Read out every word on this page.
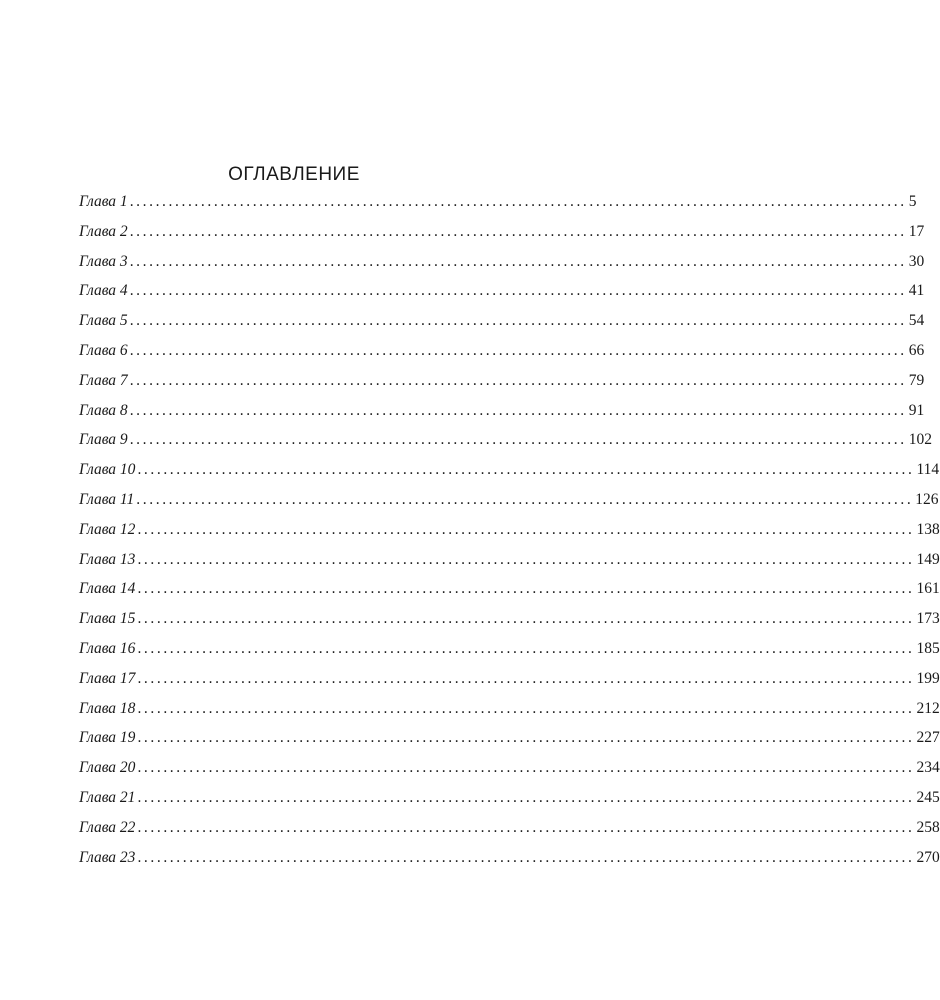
ОГЛАВЛЕНИЕ
Глава 1 ........................................................................................................................ 5
Глава 2 ........................................................................................................................ 17
Глава 3 ........................................................................................................................ 30
Глава 4 ........................................................................................................................ 41
Глава 5 ........................................................................................................................ 54
Глава 6 ........................................................................................................................ 66
Глава 7 ........................................................................................................................ 79
Глава 8 ........................................................................................................................ 91
Глава 9 ........................................................................................................................ 102
Глава 10 ........................................................................................................................ 114
Глава 11 ........................................................................................................................ 126
Глава 12 ........................................................................................................................ 138
Глава 13 ........................................................................................................................ 149
Глава 14 ........................................................................................................................ 161
Глава 15 ........................................................................................................................ 173
Глава 16 ........................................................................................................................ 185
Глава 17 ........................................................................................................................ 199
Глава 18 ........................................................................................................................ 212
Глава 19 ........................................................................................................................ 227
Глава 20 ........................................................................................................................ 234
Глава 21 ........................................................................................................................ 245
Глава 22 ........................................................................................................................ 258
Глава 23 ........................................................................................................................ 270
